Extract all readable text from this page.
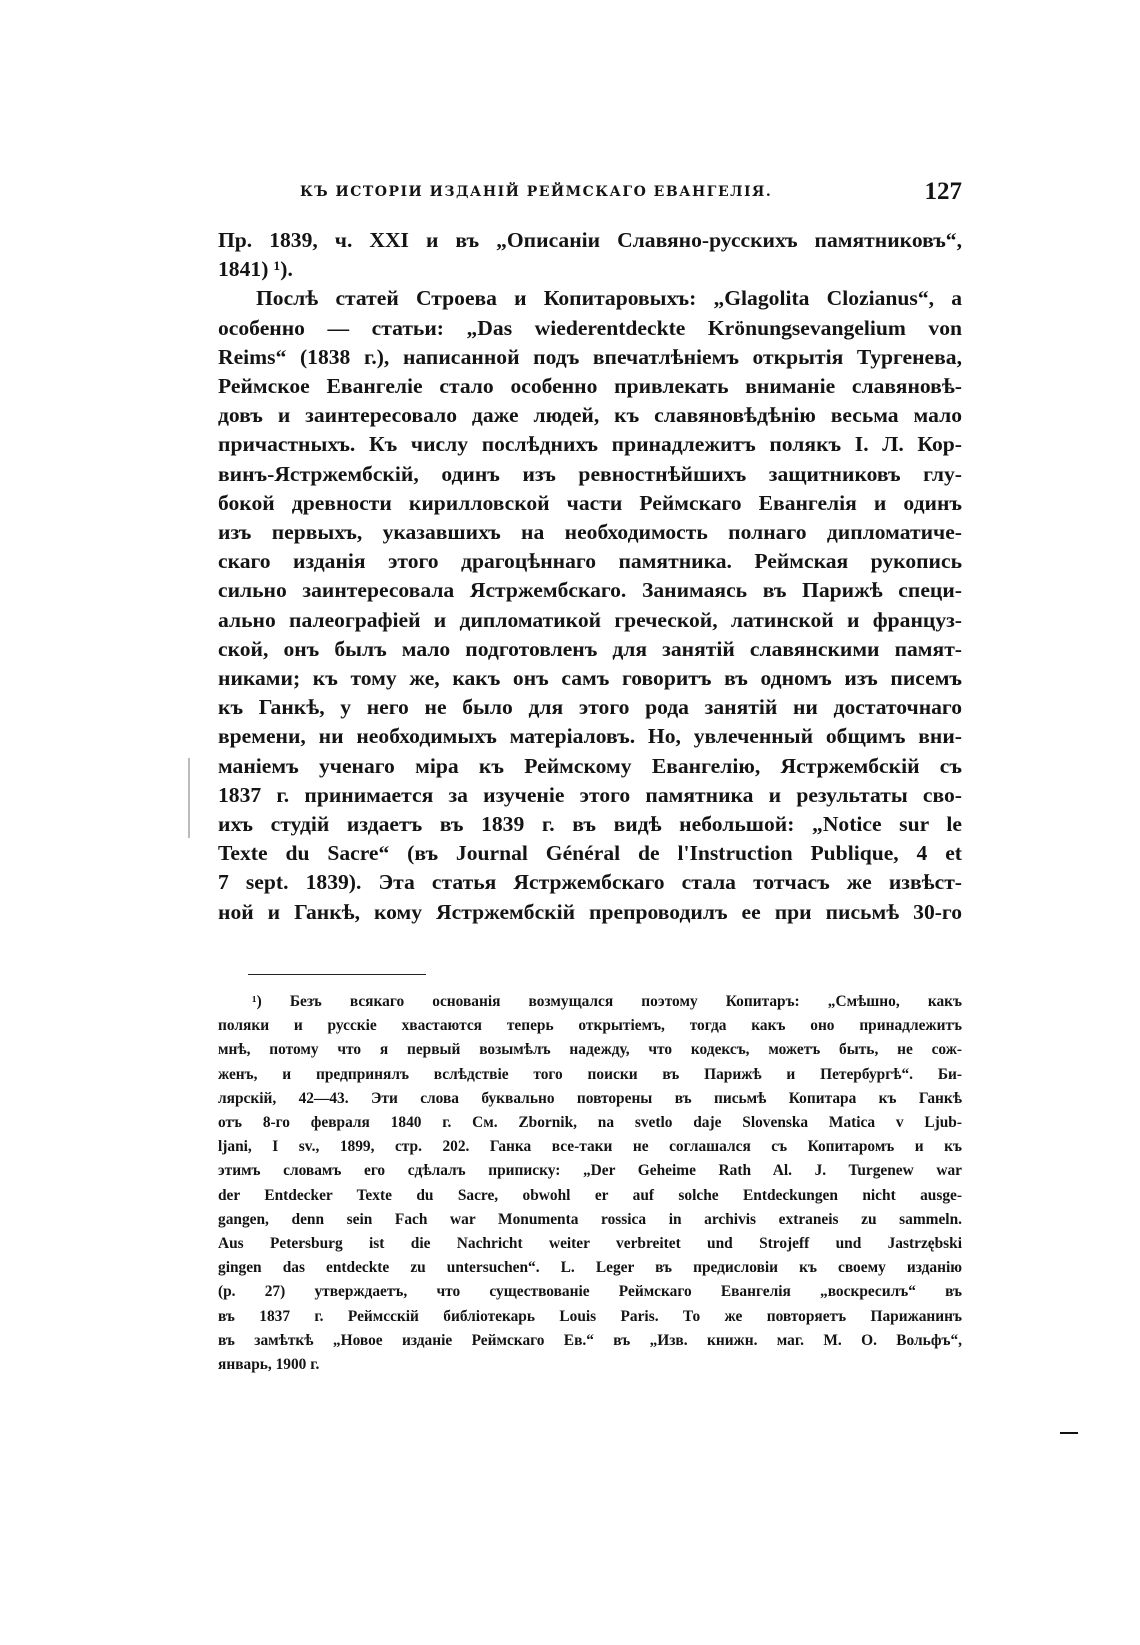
КЪ ИСТОРІИ ИЗДАНІЙ РЕЙМСКАГО ЕВАНГЕЛІЯ.	127
Пр. 1839, ч. XXI и въ „Описаніи Славяно-русскихъ памятниковъ“,
1841) ¹).
Послѣ статей Строева и Копитаровыхъ: „Glagolita Clozianus“, а
особенно — статьи: „Das wiederentdeckte Krönungsevangelium von
Reims“ (1838 г.), написанной подъ впечатлѣніемъ открытія Тургенева,
Реймское Евангеліе стало особенно привлекать вниманіе славяновѣ-
довъ и заинтересовало даже людей, къ славяновѣдѣнію весьма мало
причастныхъ. Къ числу послѣднихъ принадлежитъ полякъ І. Л. Кор-
винъ-Ястржембскій, одинъ изъ ревностнѣйшихъ защитниковъ глу-
бокой древности кирилловской части Реймскаго Евангелія и одинъ
изъ первыхъ, указавшихъ на необходимость полнаго дипломатиче-
скаго изданія этого драгоцѣннаго памятника. Реймская рукопись
сильно заинтересовала Ястржембскаго. Занимаясь въ Парижѣ специ-
ально палеографіей и дипломатикой греческой, латинской и француз-
ской, онъ былъ мало подготовленъ для занятій славянскими памят-
никами; къ тому же, какъ онъ самъ говоритъ въ одномъ изъ писемъ
къ Ганкѣ, у него не было для этого рода занятій ни достаточнаго
времени, ни необходимыхъ матеріаловъ. Но, увлеченный общимъ вни-
маніемъ ученаго міра къ Реймскому Евангелію, Ястржембскій съ
1837 г. принимается за изученіе этого памятника и результаты сво-
ихъ студій издаетъ въ 1839 г. въ видѣ небольшой: „Notice sur le
Texte du Sacre“ (въ Journal Général de l'Instruction Publique, 4 et
7 sept. 1839). Эта статья Ястржембскаго стала тотчасъ же извѣст-
ной и Ганкѣ, кому Ястржембскій препроводилъ ее при письмѣ 30-го
¹) Безъ всякаго основанія возмущался поэтому Копитаръ: „Смѣшно, какъ
поляки и русскіе хвастаются теперь открытіемъ, тогда какъ оно принадлежитъ
мнѣ, потому что я первый возымѣлъ надежду, что кодексъ, можетъ быть, не сож-
женъ, и предпринялъ вслѣдствіе того поиски въ Парижѣ и Петербургѣ“. Би-
лярскій, 42—43. Эти слова буквально повторены въ письмѣ Копитара къ Ганкѣ
отъ 8-го февраля 1840 г. См. Zbornik, na svetlo daje Slovenska Matica v Ljub-
ljani, I sv., 1899, стр. 202. Ганка все-таки не соглашался съ Копитаромъ и къ
этимъ словамъ его сдѣлалъ приписку: „Der Geheime Rath Al. J. Turgenew war
der Entdecker Texte du Sacre, obwohl er auf solche Entdeckungen nicht ausge-
gangen, denn sein Fach war Monumenta rossica in archivis extraneis zu sammeln.
Aus Petersburg ist die Nachricht weiter verbreitet und Strojeff und Jastrzębski
gingen das entdeckte zu untersuchen“. L. Leger въ предисловіи къ своему изданію
(p. 27) утверждаетъ, что существованіе Реймскаго Евангелія „воскресилъ“ въ
въ 1837 г. Реймсскій библіотекарь Louis Paris. То же повторяетъ Парижанинъ
въ замѣткѣ „Новое изданіе Реймскаго Ев.“ въ „Изв. книжн. маг. М. О. Вольфъ“,
январь, 1900 г.
